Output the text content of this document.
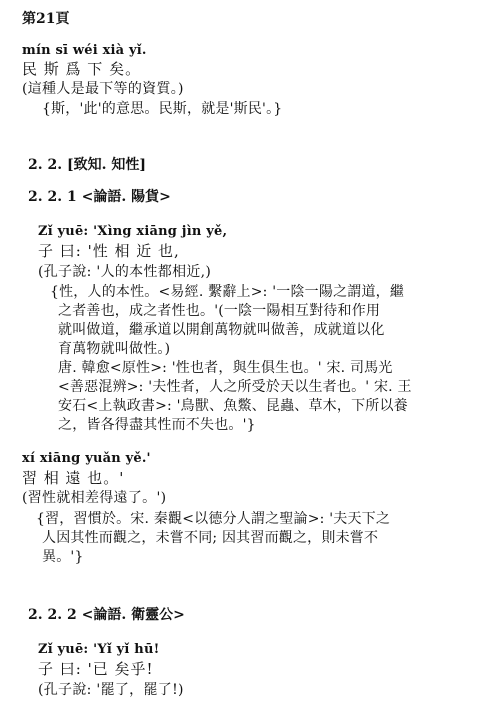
第21頁
mín sī wéi xià yǐ.
民 斯 爲 下 矣。
(這種人是最下等的資質。)
{斯，'此'的意思。民斯，就是'斯民'。}
2. 2. [致知. 知性]
2. 2. 1 <論語. 陽貨>
Zǐ yuē: 'Xìng xiāng jìn yě,
子 曰: '性 相 近 也,
(孔子說: '人的本性都相近,)
{性，人的本性。<易經. 繫辭上>: '一陰一陽之謂道，繼
之者善也，成之者性也。'(一陰一陽相互對待和作用
就叫做道，繼承道以開創萬物就叫做善，成就道以化
育萬物就叫做性。)
唐. 韓愈<原性>: '性也者，與生俱生也。' 宋. 司馬光
<善惡混辨>: '夫性者，人之所受於天以生者也。' 宋. 王
安石<上執政書>: '鳥獸、魚鱉、昆蟲、草木，下所以養
之，皆各得盡其性而不失也。'}
xí xiāng yuǎn yě.'
習 相 遠 也。'
(習性就相差得遠了。')
{習，習慣於。宋. 秦觀<以德分人謂之聖論>: '夫天下之
人因其性而觀之，未嘗不同; 因其習而觀之，則未嘗不
異。'}
2. 2. 2 <論語. 衛靈公>
Zǐ yuē: 'Yǐ yǐ hū!
子 曰: '已 矣乎!
(孔子說: '罷了，罷了!)
